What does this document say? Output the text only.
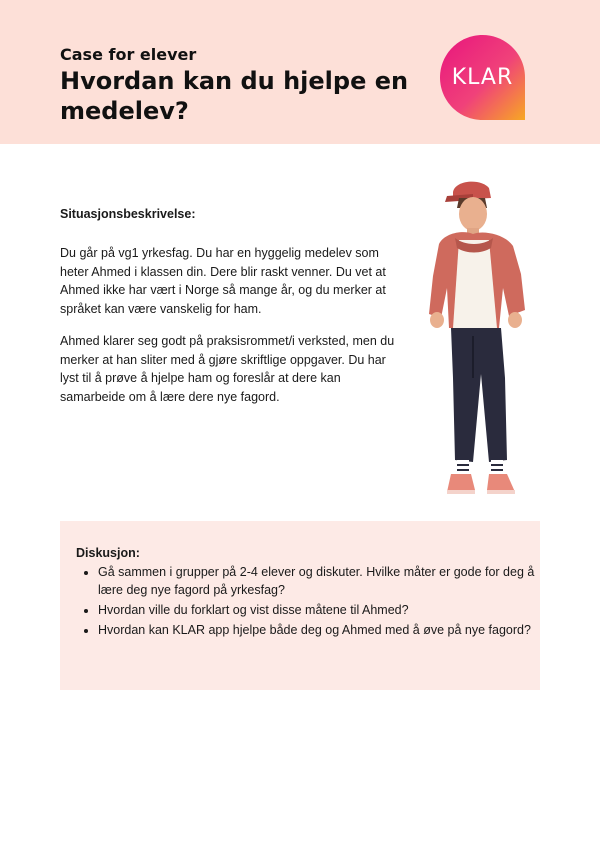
Case for elever
Hvordan kan du hjelpe en medelev?
KLAR
Situasjonsbeskrivelse:

Du går på vg1 yrkesfag. Du har en hyggelig medelev som heter Ahmed i klassen din. Dere blir raskt venner. Du vet at Ahmed ikke har vært i Norge så mange år, og du merker at språket kan være vanskelig for ham.

Ahmed klarer seg godt på praksisrommet/i verksted, men du merker at han sliter med å gjøre skriftlige oppgaver. Du har lyst til å prøve å hjelpe ham og foreslår at dere kan samarbeide om å lære dere nye fagord.

Diskusjon:
• Gå sammen i grupper på 2-4 elever og diskuter. Hvilke måter er gode for deg å lære deg nye fagord på yrkesfag?
• Hvordan ville du forklart og vist disse måtene til Ahmed?
• Hvordan kan KLAR app hjelpe både deg og Ahmed med å øve på nye fagord?
